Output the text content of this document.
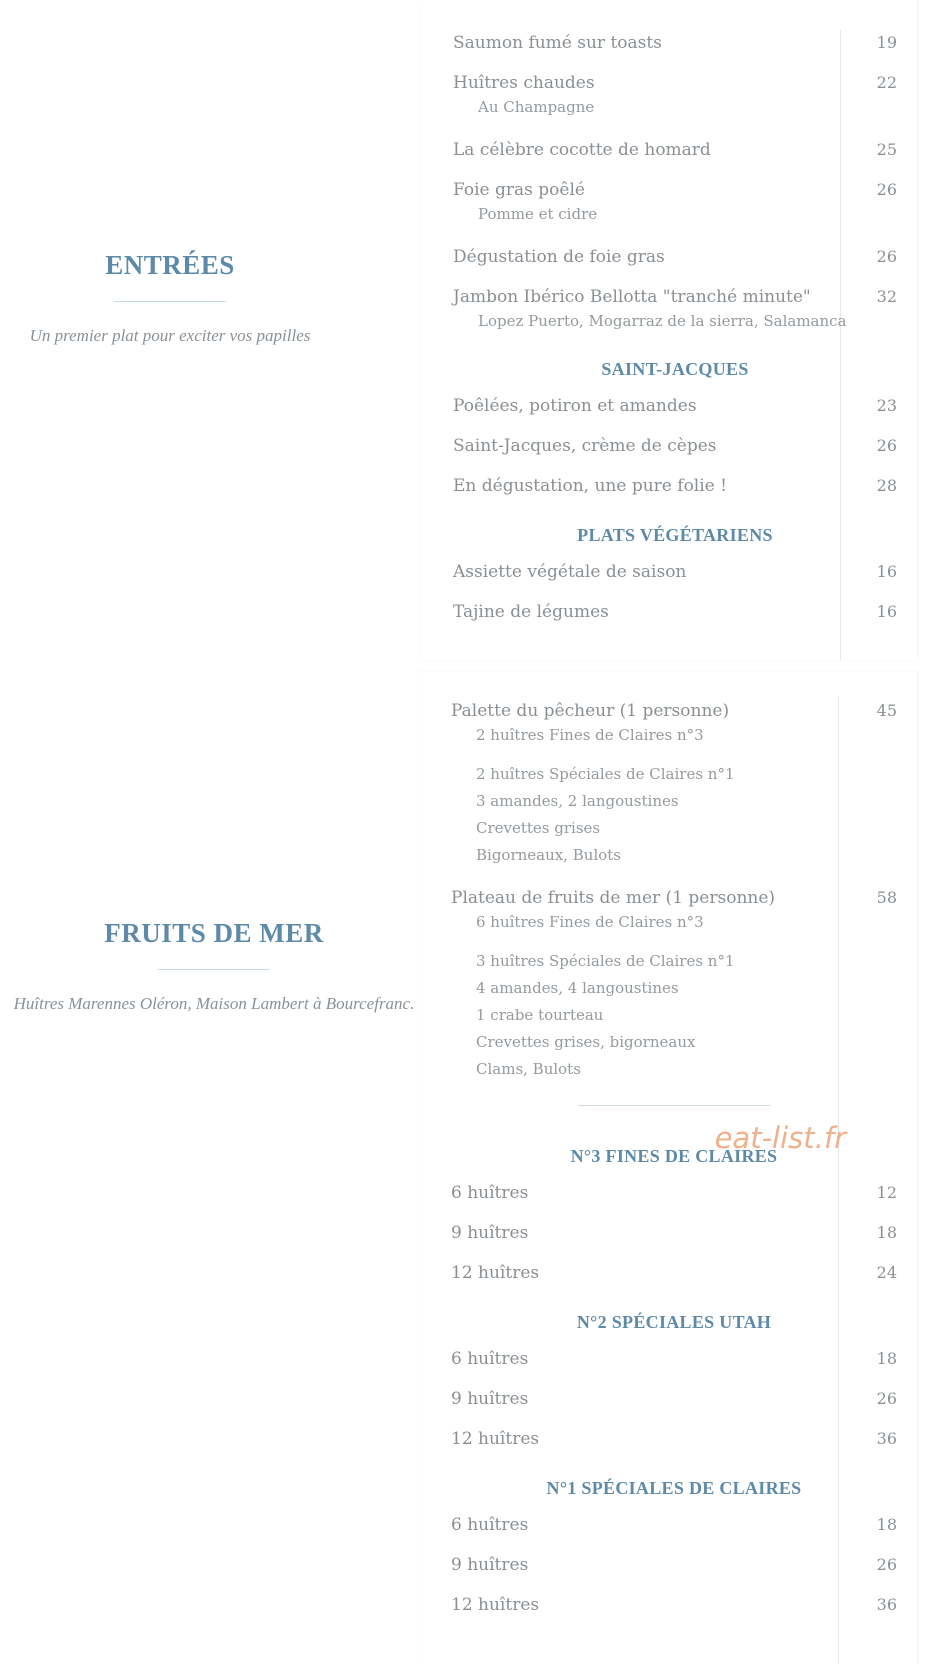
ENTRÉES
Un premier plat pour exciter vos papilles
Saumon fumé sur toasts	19
Huîtres chaudes	22
Au Champagne
La célèbre cocotte de homard	25
Foie gras poêlé	26
Pomme et cidre
Dégustation de foie gras	26
Jambon Ibérico Bellotta "tranché minute"	32
Lopez Puerto, Mogarraz de la sierra, Salamanca
SAINT-JACQUES
Poêlées, potiron et amandes	23
Saint-Jacques, crème de cèpes	26
En dégustation, une pure folie !	28
PLATS VÉGÉTARIENS
Assiette végétale de saison	16
Tajine de légumes	16
FRUITS DE MER
Huîtres Marennes Oléron, Maison Lambert à Bourcefranc.
Palette du pêcheur (1 personne)	45
2 huîtres Fines de Claires n°3
2 huîtres Spéciales de Claires n°1
3 amandes, 2 langoustines
Crevettes grises
Bigorneaux, Bulots
Plateau de fruits de mer (1 personne)	58
6 huîtres Fines de Claires n°3
3 huîtres Spéciales de Claires n°1
4 amandes, 4 langoustines
1 crabe tourteau
Crevettes grises, bigorneaux
Clams, Bulots
N°3 FINES DE CLAIRES
6 huîtres	12
9 huîtres	18
12 huîtres	24
N°2 SPÉCIALES UTAH
6 huîtres	18
9 huîtres	26
12 huîtres	36
N°1 SPÉCIALES DE CLAIRES
6 huîtres	18
9 huîtres	26
12 huîtres	36
eat-list.fr
